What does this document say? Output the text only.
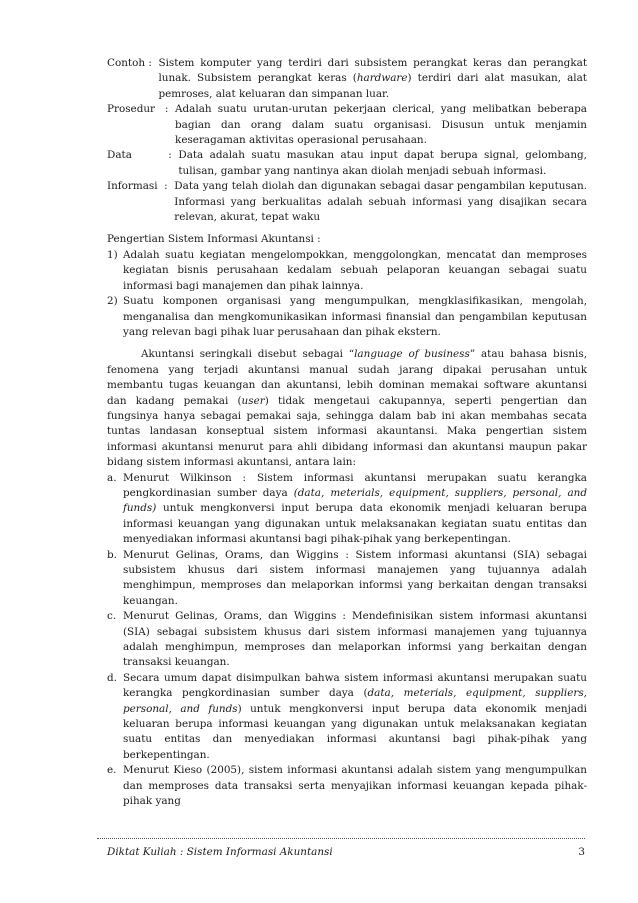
Contoh : Sistem komputer yang terdiri dari subsistem perangkat keras dan perangkat lunak. Subsistem perangkat keras (hardware) terdiri dari alat masukan, alat pemroses, alat keluaran dan simpanan luar.
Prosedur : Adalah suatu urutan-urutan pekerjaan clerical, yang melibatkan beberapa bagian dan orang dalam suatu organisasi. Disusun untuk menjamin keseragaman aktivitas operasional perusahaan.
Data : Data adalah suatu masukan atau input dapat berupa signal, gelombang, tulisan, gambar yang nantinya akan diolah menjadi sebuah informasi.
Informasi : Data yang telah diolah dan digunakan sebagai dasar pengambilan keputusan. Informasi yang berkualitas adalah sebuah informasi yang disajikan secara relevan, akurat, tepat waku

Pengertian Sistem Informasi Akuntansi :

1) Adalah suatu kegiatan mengelompokkan, menggolongkan, mencatat dan memproses kegiatan bisnis perusahaan kedalam sebuah pelaporan keuangan sebagai suatu informasi bagi manajemen dan pihak lainnya.
2) Suatu komponen organisasi yang mengumpulkan, mengklasifikasikan, mengolah, menganalisa dan mengkomunikasikan informasi finansial dan pengambilan keputusan yang relevan bagi pihak luar perusahaan dan pihak ekstern.

Akuntansi seringkali disebut sebagai “language of business” atau bahasa bisnis, fenomena yang terjadi akuntansi manual sudah jarang dipakai perusahan untuk membantu tugas keuangan dan akuntansi, lebih dominan memakai software akuntansi dan kadang pemakai (user) tidak mengetaui cakupannya, seperti pengertian dan fungsinya hanya sebagai pemakai saja, sehingga dalam bab ini akan membahas secata tuntas landasan konseptual sistem informasi akauntansi. Maka pengertian sistem informasi akuntansi menurut para ahli dibidang informasi dan akuntansi maupun pakar bidang sistem informasi akuntansi, antara lain:

a. Menurut Wilkinson : Sistem informasi akuntansi merupakan suatu kerangka pengkordinasian sumber daya (data, meterials, equipment, suppliers, personal, and funds) untuk mengkonversi input berupa data ekonomik menjadi keluaran berupa informasi keuangan yang digunakan untuk melaksanakan kegiatan suatu entitas dan menyediakan informasi akuntansi bagi pihak-pihak yang berkepentingan.
b. Menurut Gelinas, Orams, dan Wiggins : Sistem informasi akuntansi (SIA) sebagai subsistem khusus dari sistem informasi manajemen yang tujuannya adalah menghimpun, memproses dan melaporkan informsi yang berkaitan dengan transaksi keuangan.
c. Menurut Gelinas, Orams, dan Wiggins : Mendefinisikan sistem informasi akuntansi (SIA) sebagai subsistem khusus dari sistem informasi manajemen yang tujuannya adalah menghimpun, memproses dan melaporkan informsi yang berkaitan dengan transaksi keuangan.
d. Secara umum dapat disimpulkan bahwa sistem informasi akuntansi merupakan suatu kerangka pengkordinasian sumber daya (data, meterials, equipment, suppliers, personal, and funds) untuk mengkonversi input berupa data ekonomik menjadi keluaran berupa informasi keuangan yang digunakan untuk melaksanakan kegiatan suatu entitas dan menyediakan informasi akuntansi bagi pihak-pihak yang berkepentingan.
e. Menurut Kieso (2005), sistem informasi akuntansi adalah sistem yang mengumpulkan dan memproses data transaksi serta menyajikan informasi keuangan kepada pihak-pihak yang
Diktat Kuliah : Sistem Informasi Akuntansi	3
